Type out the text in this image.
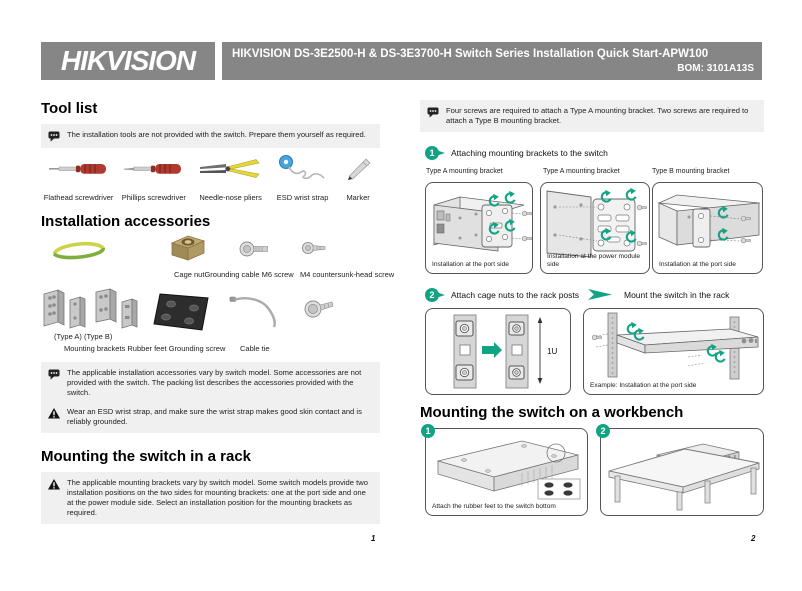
HIKVISION	HIKVISION DS-3E2500-H & DS-3E3700-H Switch Series Installation Quick Start-APW100
BOM: 3101A13S
Tool list
The installation tools are not provided with the switch. Prepare them yourself as required.
Flathead screwdriver	Phillips screwdriver	Needle-nose pliers	ESD wrist strap	Marker
Installation accessories
Cage nutGrounding cable M6 screw M4 countersunk-head screw
(Type A) (Type B)
Mounting brackets Rubber feet Grounding screw Cable tie
The applicable installation accessories vary by switch model. Some accessories are not provided with the switch. The packing list describes the accessories provided with the switch.
Wear an ESD wrist strap, and make sure the wrist strap makes good skin contact and is reliably grounded.
Mounting the switch in a rack
The applicable mounting brackets vary by switch model. Some switch models provide two installation positions on the two sides for mounting brackets: one at the port side and one at the power module side. Select an installation position for the mounting brackets as required.
1
Four screws are required to attach a Type A mounting bracket. Two screws are required to attach a Type B mounting bracket.
1	Attaching mounting brackets to the switch
Type A mounting bracket	Type A mounting bracket	Type B mounting bracket
Installation at the port side
Installation at the power module side	Installation at the port side
2	Attach cage nuts to the rack posts	Mount the switch in the rack
1U
Example: Installation at the port side
Mounting the switch on a workbench
1
Attach the rubber feet to the switch bottom
2
2
